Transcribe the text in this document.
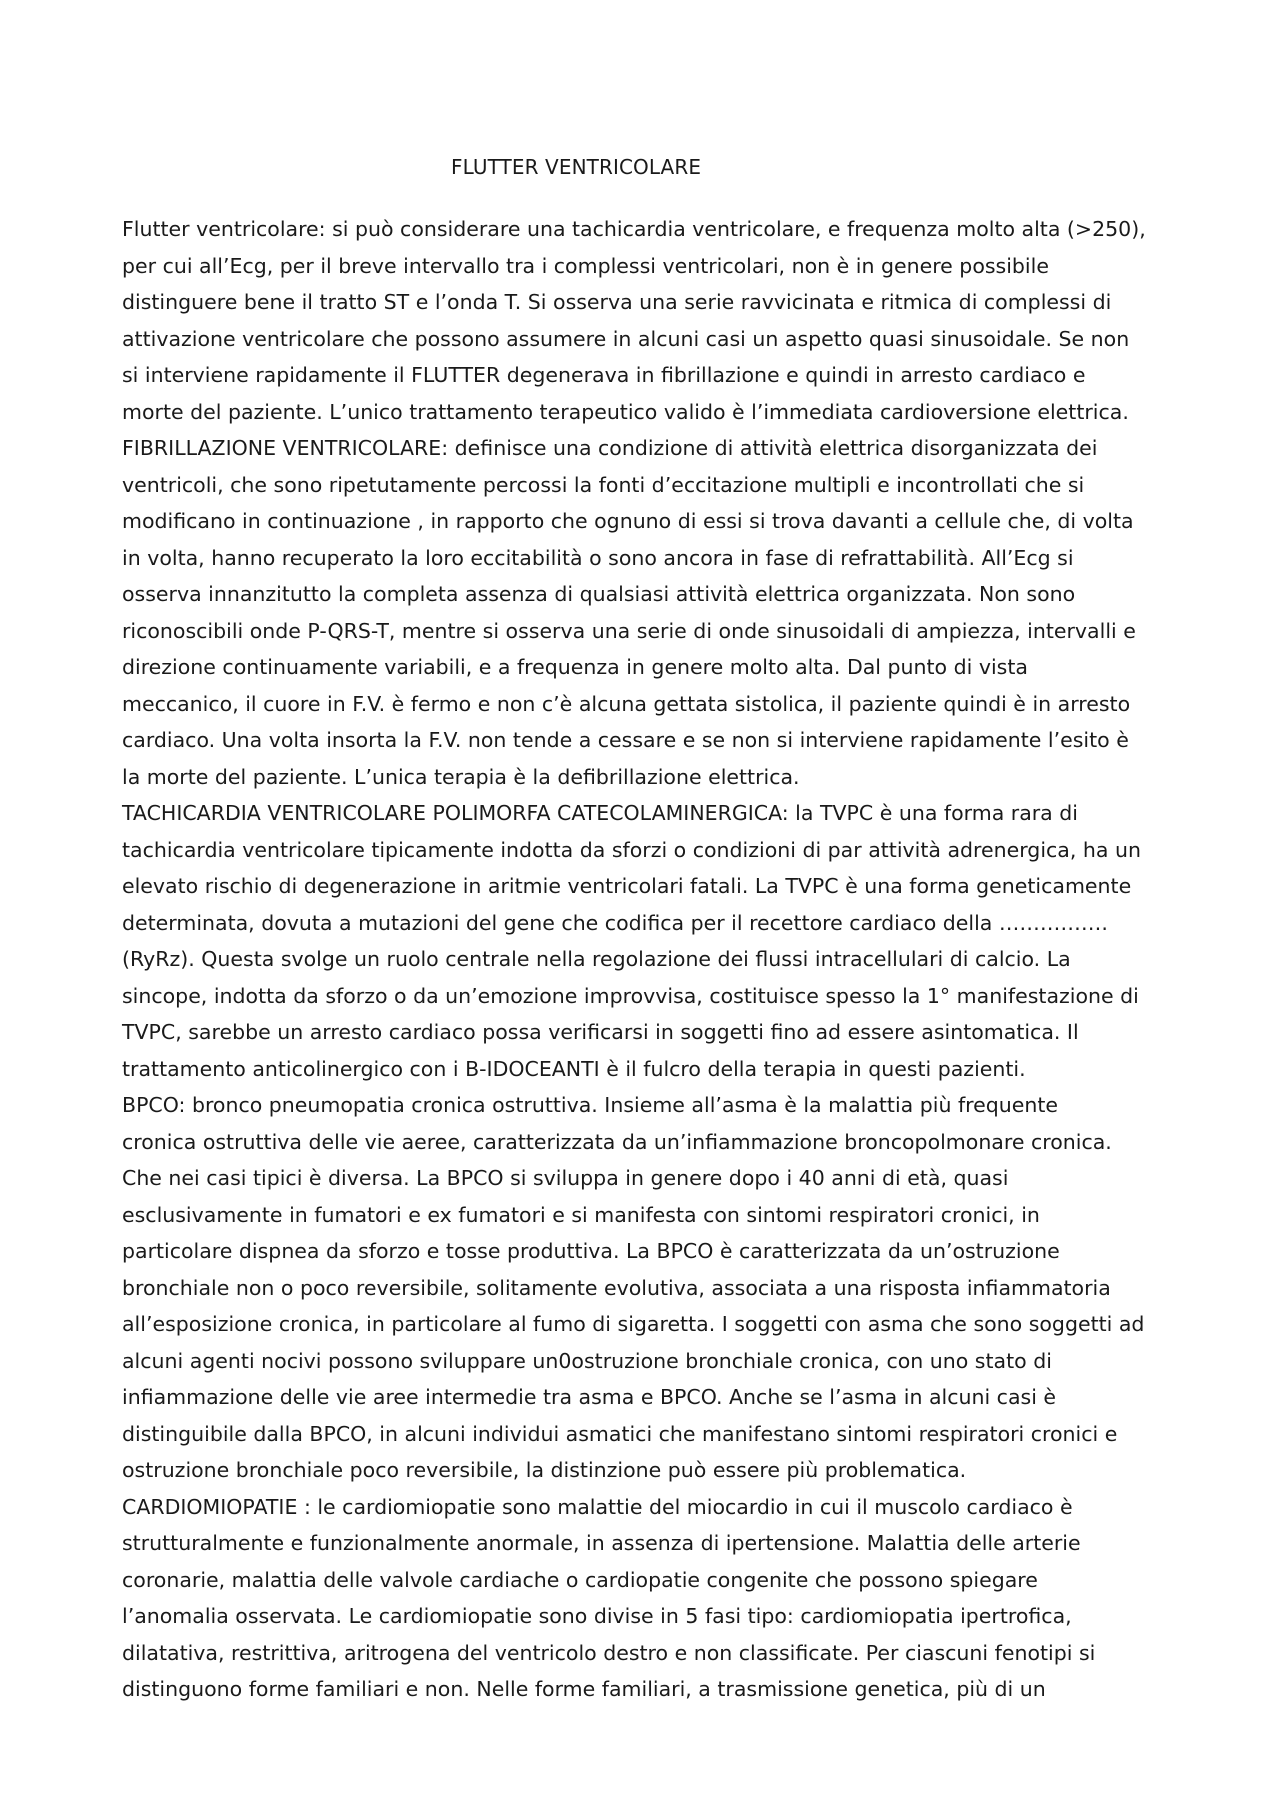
FLUTTER VENTRICOLARE
Flutter ventricolare: si può considerare una tachicardia ventricolare, e frequenza molto alta (>250),
per cui all’Ecg, per il breve intervallo tra i complessi ventricolari, non è in genere possibile
distinguere bene il tratto ST e l’onda T. Si osserva una serie ravvicinata e ritmica di complessi di
attivazione ventricolare che possono assumere in alcuni casi un aspetto quasi sinusoidale. Se non
si interviene rapidamente il FLUTTER degenerava in fibrillazione e quindi in arresto cardiaco e
morte del paziente. L’unico trattamento terapeutico valido è l’immediata cardioversione elettrica.
FIBRILLAZIONE VENTRICOLARE: definisce una condizione di attività elettrica disorganizzata dei
ventricoli, che sono ripetutamente percossi la fonti d’eccitazione multipli e incontrollati che si
modificano in continuazione , in rapporto che ognuno di essi si trova davanti a cellule che, di volta
in volta, hanno recuperato la loro eccitabilità o sono ancora in fase di refrattabilità. All’Ecg si
osserva innanzitutto la completa assenza di qualsiasi attività elettrica organizzata. Non sono
riconoscibili onde P-QRS-T, mentre si osserva una serie di onde sinusoidali di ampiezza, intervalli e
direzione continuamente variabili, e a frequenza in genere molto alta. Dal punto di vista
meccanico, il cuore in F.V. è fermo e non c’è alcuna gettata sistolica, il paziente quindi è in arresto
cardiaco. Una volta insorta la F.V. non tende a cessare e se non si interviene rapidamente l’esito è
la morte del paziente. L’unica terapia è la defibrillazione elettrica.
TACHICARDIA VENTRICOLARE POLIMORFA CATECOLAMINERGICA: la TVPC è una forma rara di
tachicardia ventricolare tipicamente indotta da sforzi o condizioni di par attività adrenergica, ha un
elevato rischio di degenerazione in aritmie ventricolari fatali. La TVPC è una forma geneticamente
determinata, dovuta a mutazioni del gene che codifica per il recettore cardiaco della …………….
(RyRz). Questa svolge un ruolo centrale nella regolazione dei flussi intracellulari di calcio. La
sincope, indotta da sforzo o da un’emozione improvvisa, costituisce spesso la 1° manifestazione di
TVPC, sarebbe un arresto cardiaco possa verificarsi in soggetti fino ad essere asintomatica. Il
trattamento anticolinergico con i B-IDOCEANTI è il fulcro della terapia in questi pazienti.
BPCO: bronco pneumopatia cronica ostruttiva. Insieme all’asma è la malattia più frequente
cronica ostruttiva delle vie aeree, caratterizzata da un’infiammazione broncopolmonare cronica.
Che nei casi tipici è diversa. La BPCO si sviluppa in genere dopo i 40 anni di età, quasi
esclusivamente in fumatori e ex fumatori e si manifesta con sintomi respiratori cronici, in
particolare dispnea da sforzo e tosse produttiva. La BPCO è caratterizzata da un’ostruzione
bronchiale non o poco reversibile, solitamente evolutiva, associata a una risposta infiammatoria
all’esposizione cronica, in particolare al fumo di sigaretta. I soggetti con asma che sono soggetti ad
alcuni agenti nocivi possono sviluppare un0ostruzione bronchiale cronica, con uno stato di
infiammazione delle vie aree intermedie tra asma e BPCO. Anche se l’asma in alcuni casi è
distinguibile dalla BPCO, in alcuni individui asmatici che manifestano sintomi respiratori cronici e
ostruzione bronchiale poco reversibile, la distinzione può essere più problematica.
CARDIOMIOPATIE : le cardiomiopatie sono malattie del miocardio in cui il muscolo cardiaco è
strutturalmente e funzionalmente anormale, in assenza di ipertensione. Malattia delle arterie
coronarie, malattia delle valvole cardiache o cardiopatie congenite che possono spiegare
l’anomalia osservata. Le cardiomiopatie sono divise in 5 fasi tipo: cardiomiopatia ipertrofica,
dilatativa, restrittiva, aritrogena del ventricolo destro e non classificate. Per ciascuni fenotipi si
distinguono forme familiari e non. Nelle forme familiari, a trasmissione genetica, più di un
